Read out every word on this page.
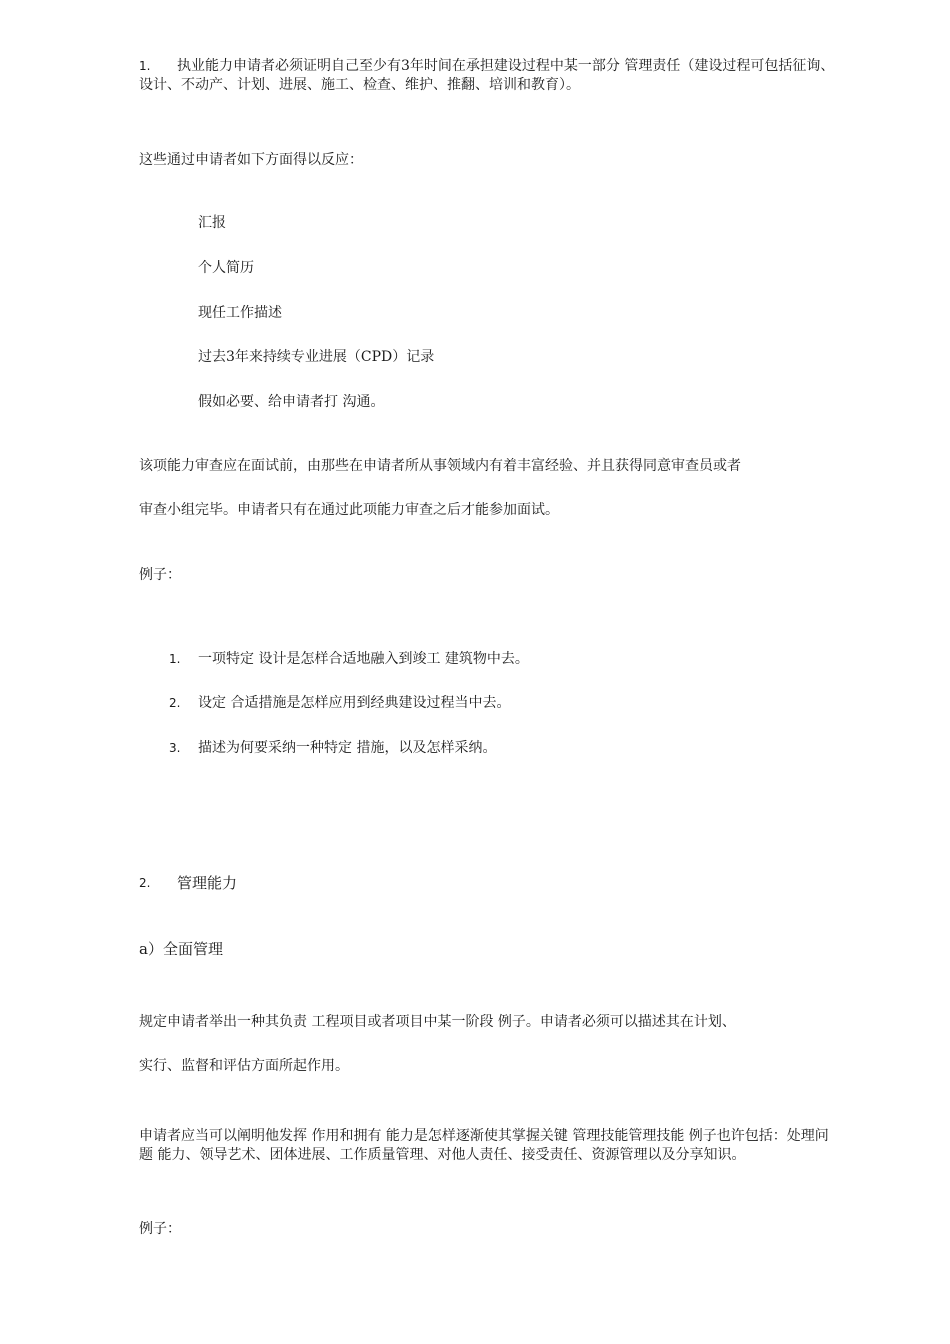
1.	执业能力申请者必须证明自己至少有3年时间在承担建设过程中某一部分 管理责任（建设过程可包括征询、设计、不动产、计划、进展、施工、检查、维护、推翻、培训和教育）。
这些通过申请者如下方面得以反应：
汇报
个人简历
现任工作描述
过去3年来持续专业进展（CPD）记录
假如必要、给申请者打 沟通。
该项能力审查应在面试前，由那些在申请者所从事领域内有着丰富经验、并且获得同意审查员或者
审查小组完毕。申请者只有在通过此项能力审查之后才能参加面试。
例子：
1. 一项特定 设计是怎样合适地融入到竣工 建筑物中去。
2. 设定 合适措施是怎样应用到经典建设过程当中去。
3. 描述为何要采纳一种特定 措施，以及怎样采纳。
2. 管理能力
a）全面管理
规定申请者举出一种其负责 工程项目或者项目中某一阶段 例子。申请者必须可以描述其在计划、
实行、监督和评估方面所起作用。
申请者应当可以阐明他发挥 作用和拥有 能力是怎样逐渐使其掌握关键 管理技能管理技能 例子也许包括：处理问题 能力、领导艺术、团体进展、工作质量管理、对他人责任、接受责任、资源管理以及分享知识。
例子：
